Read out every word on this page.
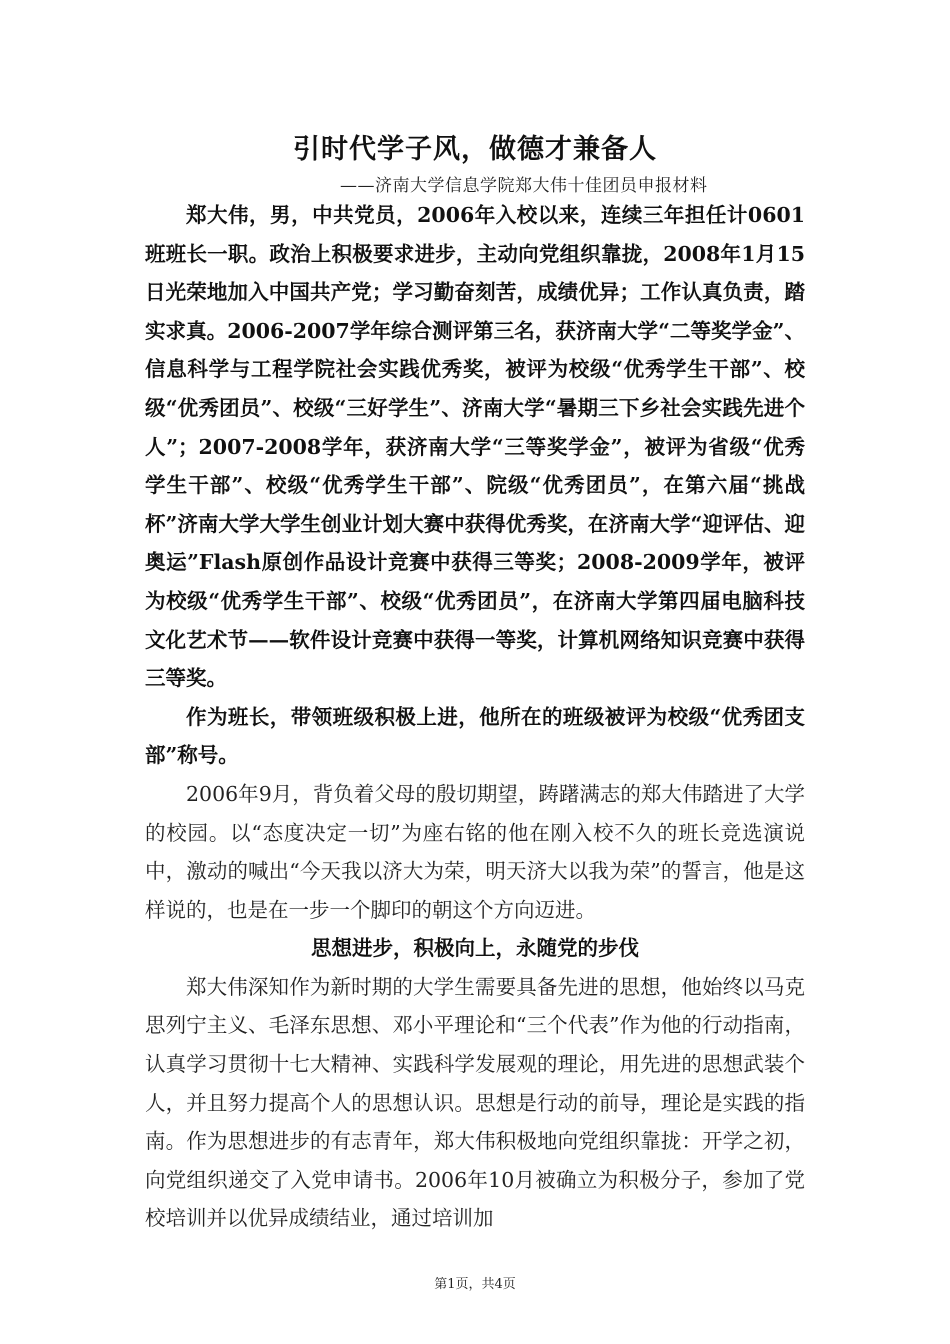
引时代学子风，做德才兼备人
——济南大学信息学院郑大伟十佳团员申报材料

郑大伟，男，中共党员，2006年入校以来，连续三年担任计0601班班长一职。政治上积极要求进步，主动向党组织靠拢，2008年1月15日光荣地加入中国共产党；学习勤奋刻苦，成绩优异；工作认真负责，踏实求真。2006-2007学年综合测评第三名，获济南大学“二等奖学金”、信息科学与工程学院社会实践优秀奖，被评为校级“优秀学生干部”、校级“优秀团员”、校级“三好学生”、济南大学“暑期三下乡社会实践先进个人”；2007-2008学年，获济南大学“三等奖学金”，被评为省级“优秀学生干部”、校级“优秀学生干部”、院级“优秀团员”，在第六届“挑战杯”济南大学大学生创业计划大赛中获得优秀奖，在济南大学“迎评估、迎奥运”Flash原创作品设计竞赛中获得三等奖；2008-2009学年，被评为校级“优秀学生干部”、校级“优秀团员”，在济南大学第四届电脑科技文化艺术节——软件设计竞赛中获得一等奖，计算机网络知识竞赛中获得三等奖。

作为班长，带领班级积极上进，他所在的班级被评为校级“优秀团支部”称号。

2006年9月，背负着父母的殷切期望，踌躇满志的郑大伟踏进了大学的校园。以“态度决定一切”为座右铭的他在刚入校不久的班长竞选演说中，激动的喊出“今天我以济大为荣，明天济大以我为荣”的誓言，他是这样说的，也是在一步一个脚印的朝这个方向迈进。

思想进步，积极向上，永随党的步伐

郑大伟深知作为新时期的大学生需要具备先进的思想，他始终以马克思列宁主义、毛泽东思想、邓小平理论和“三个代表”作为他的行动指南，认真学习贯彻十七大精神、实践科学发展观的理论，用先进的思想武装个人，并且努力提高个人的思想认识。思想是行动的前导，理论是实践的指南。作为思想进步的有志青年，郑大伟积极地向党组织靠拢：开学之初，向党组织递交了入党申请书。2006年10月被确立为积极分子，参加了党校培训并以优异成绩结业，通过培训加

第1页，共4页
